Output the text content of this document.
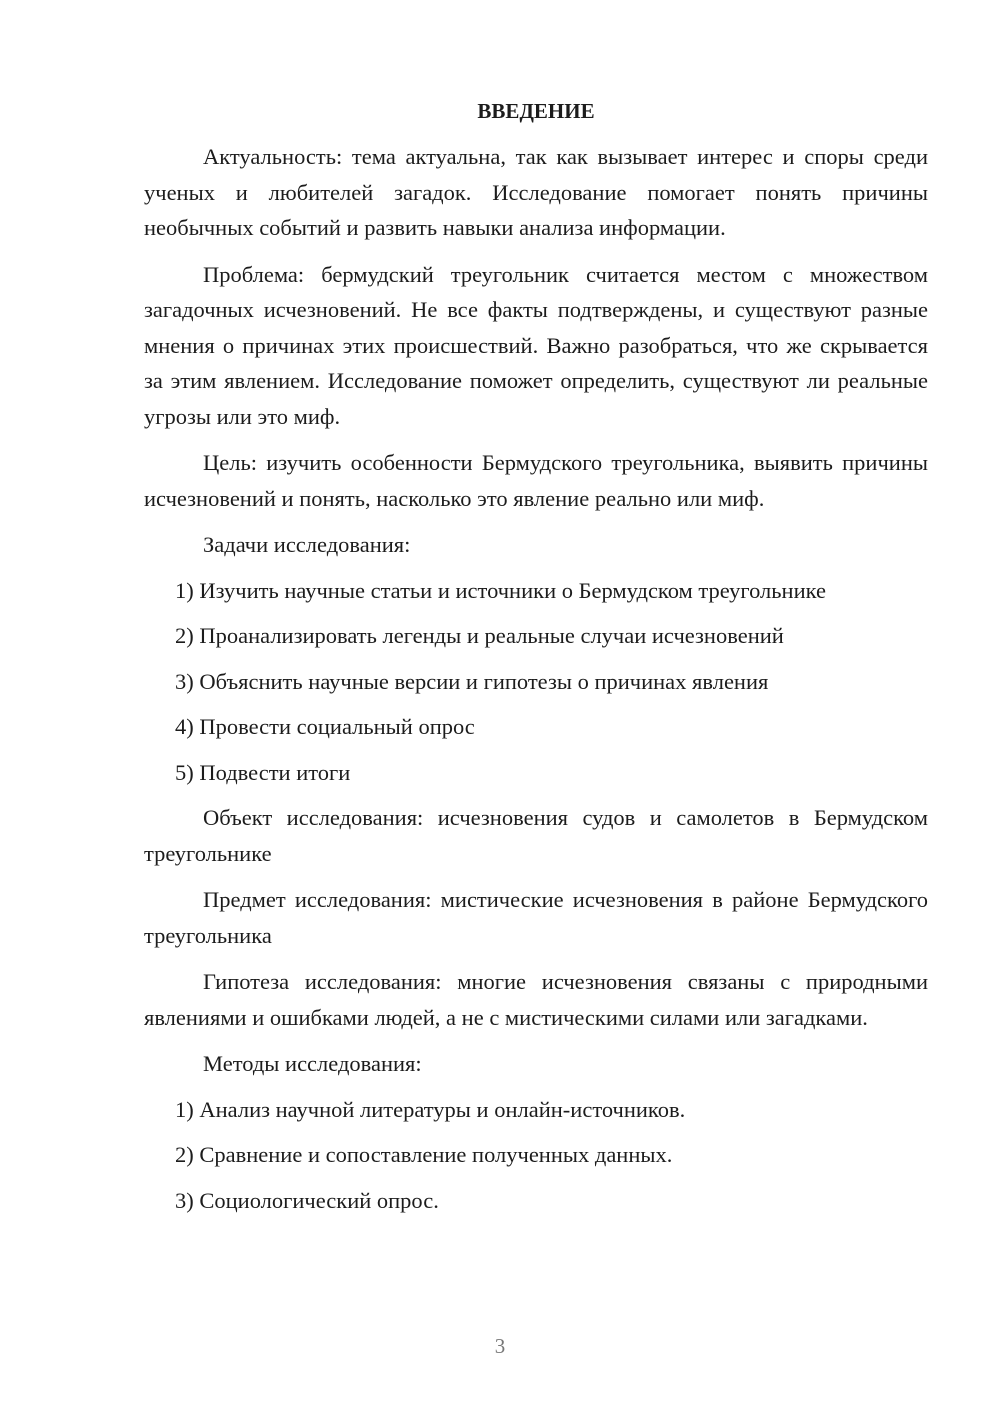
ВВЕДЕНИЕ

Актуальность: тема актуальна, так как вызывает интерес и споры среди ученых и любителей загадок. Исследование помогает понять причины необычных событий и развить навыки анализа информации.

Проблема: бермудский треугольник считается местом с множеством загадочных исчезновений. Не все факты подтверждены, и существуют разные мнения о причинах этих происшествий. Важно разобраться, что же скрывается за этим явлением. Исследование поможет определить, существуют ли реальные угрозы или это миф.

Цель: изучить особенности Бермудского треугольника, выявить причины исчезновений и понять, насколько это явление реально или миф.

Задачи исследования:

1) Изучить научные статьи и источники о Бермудском треугольнике
2) Проанализировать легенды и реальные случаи исчезновений
3) Объяснить научные версии и гипотезы о причинах явления
4) Провести социальный опрос
5) Подвести итоги

Объект исследования: исчезновения судов и самолетов в Бермудском треугольнике

Предмет исследования: мистические исчезновения в районе Бермудского треугольника

Гипотеза исследования: многие исчезновения связаны с природными явлениями и ошибками людей, а не с мистическими силами или загадками.

Методы исследования:

1) Анализ научной литературы и онлайн-источников.
2) Сравнение и сопоставление полученных данных.
3) Социологический опрос.
3
